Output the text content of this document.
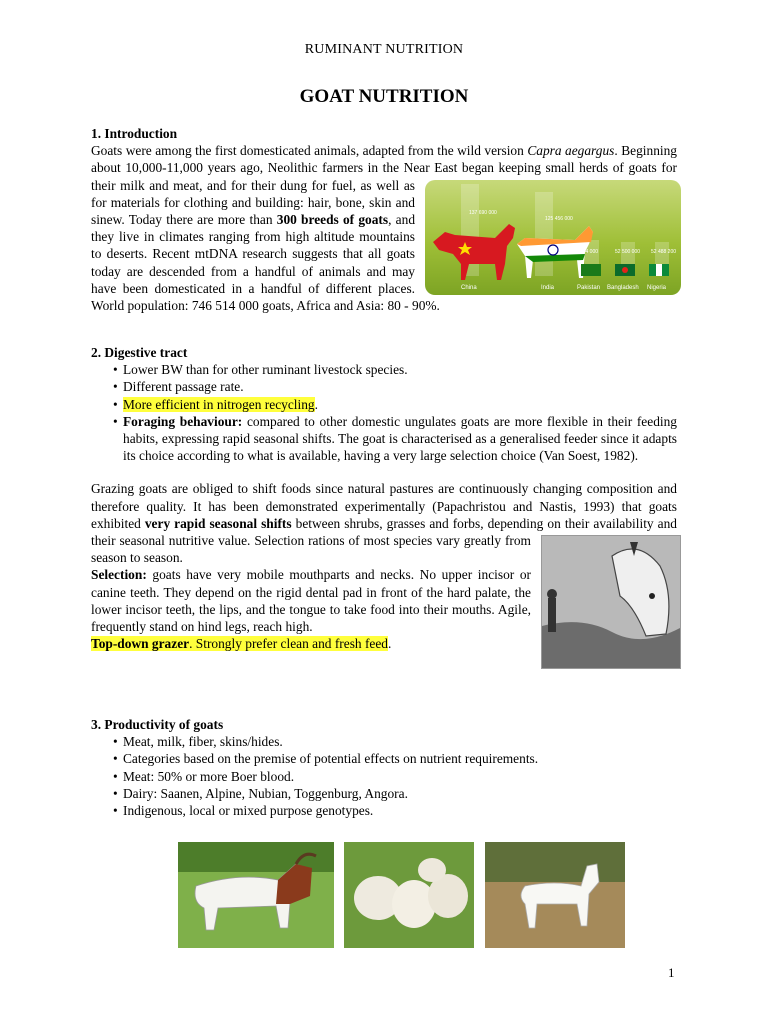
RUMINANT NUTRITION
GOAT NUTRITION
1. Introduction

Goats were among the first domesticated animals, adapted from the wild version Capra aegargus. Beginning about 10,000-11,000 years ago, Neolithic farmers in the Near East began keeping small herds of goats for their milk and meat, and for their dung for fuel, as well
137 690 000
125 456 000
55 244 000	52 500 000 52 488 200
China	India	Pakistan Bangladesh Nigeria
as for materials for clothing and building: hair, bone, skin and sinew. Today there are more than 300 breeds of goats, and they live in climates ranging from high altitude mountains to deserts. Recent mtDNA research suggests that all goats today are descended from a handful of animals and may have been domesticated in a handful of different places. World population: 746 514 000 goats, Africa and Asia: 80 - 90%.

2. Digestive tract
• Lower BW than for other ruminant livestock species.
• Different passage rate.
• More efficient in nitrogen recycling.
• Foraging behaviour: compared to other domestic ungulates goats are more flexible in their feeding habits, expressing rapid seasonal shifts. The goat is characterised as a generalised feeder since it adapts its choice according to what is available, having a very large selection choice (Van Soest, 1982).

Grazing goats are obliged to shift foods since natural pastures are continuously changing composition and therefore quality. It has been demonstrated experimentally (Papachristou and Nastis, 1993) that goats exhibited very rapid seasonal shifts between shrubs, grasses and forbs, depending on their availability and their seasonal nutritive
value. Selection rations of most species vary greatly from season to season.

Selection: goats have very mobile mouthparts and necks. No upper incisor or canine teeth. They depend on the rigid dental pad in front of the hard palate, the lower incisor teeth, the lips, and the tongue to take food into their mouths. Agile, frequently stand on hind legs, reach high.

Top-down grazer. Strongly prefer clean and fresh feed.

3. Productivity of goats
• Meat, milk, fiber, skins/hides.
• Categories based on the premise of potential effects on nutrient requirements.
• Meat: 50% or more Boer blood.
• Dairy: Saanen, Alpine, Nubian, Toggenburg, Angora.
• Indigenous, local or mixed purpose genotypes.
1
